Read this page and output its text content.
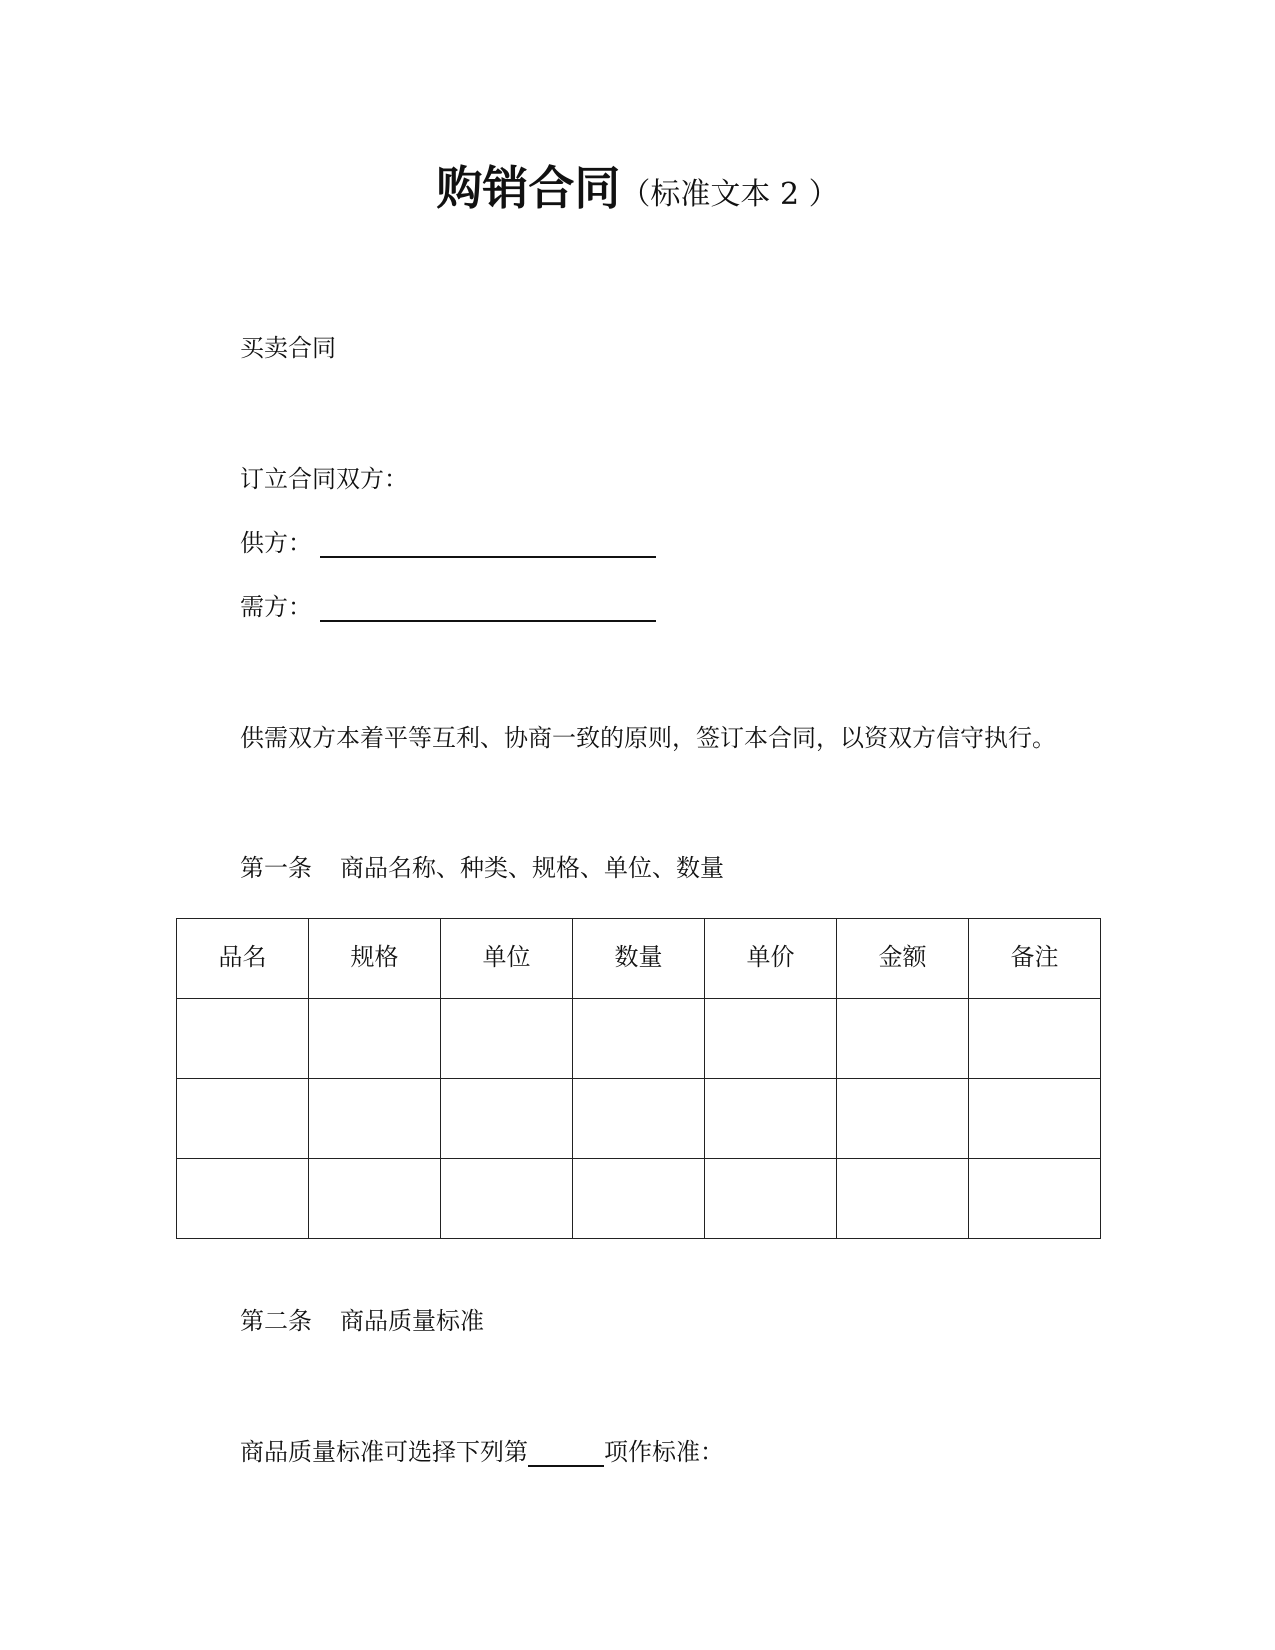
购销合同（标准文本 2 ）
买卖合同
订立合同双方：
供方：
需方：
供需双方本着平等互利、协商一致的原则，签订本合同，以资双方信守执行。
第一条 商品名称、种类、规格、单位、数量
品名	规格	单位	数量	单价	金额	备注

第二条 商品质量标准
商品质量标准可选择下列第	项作标准：
